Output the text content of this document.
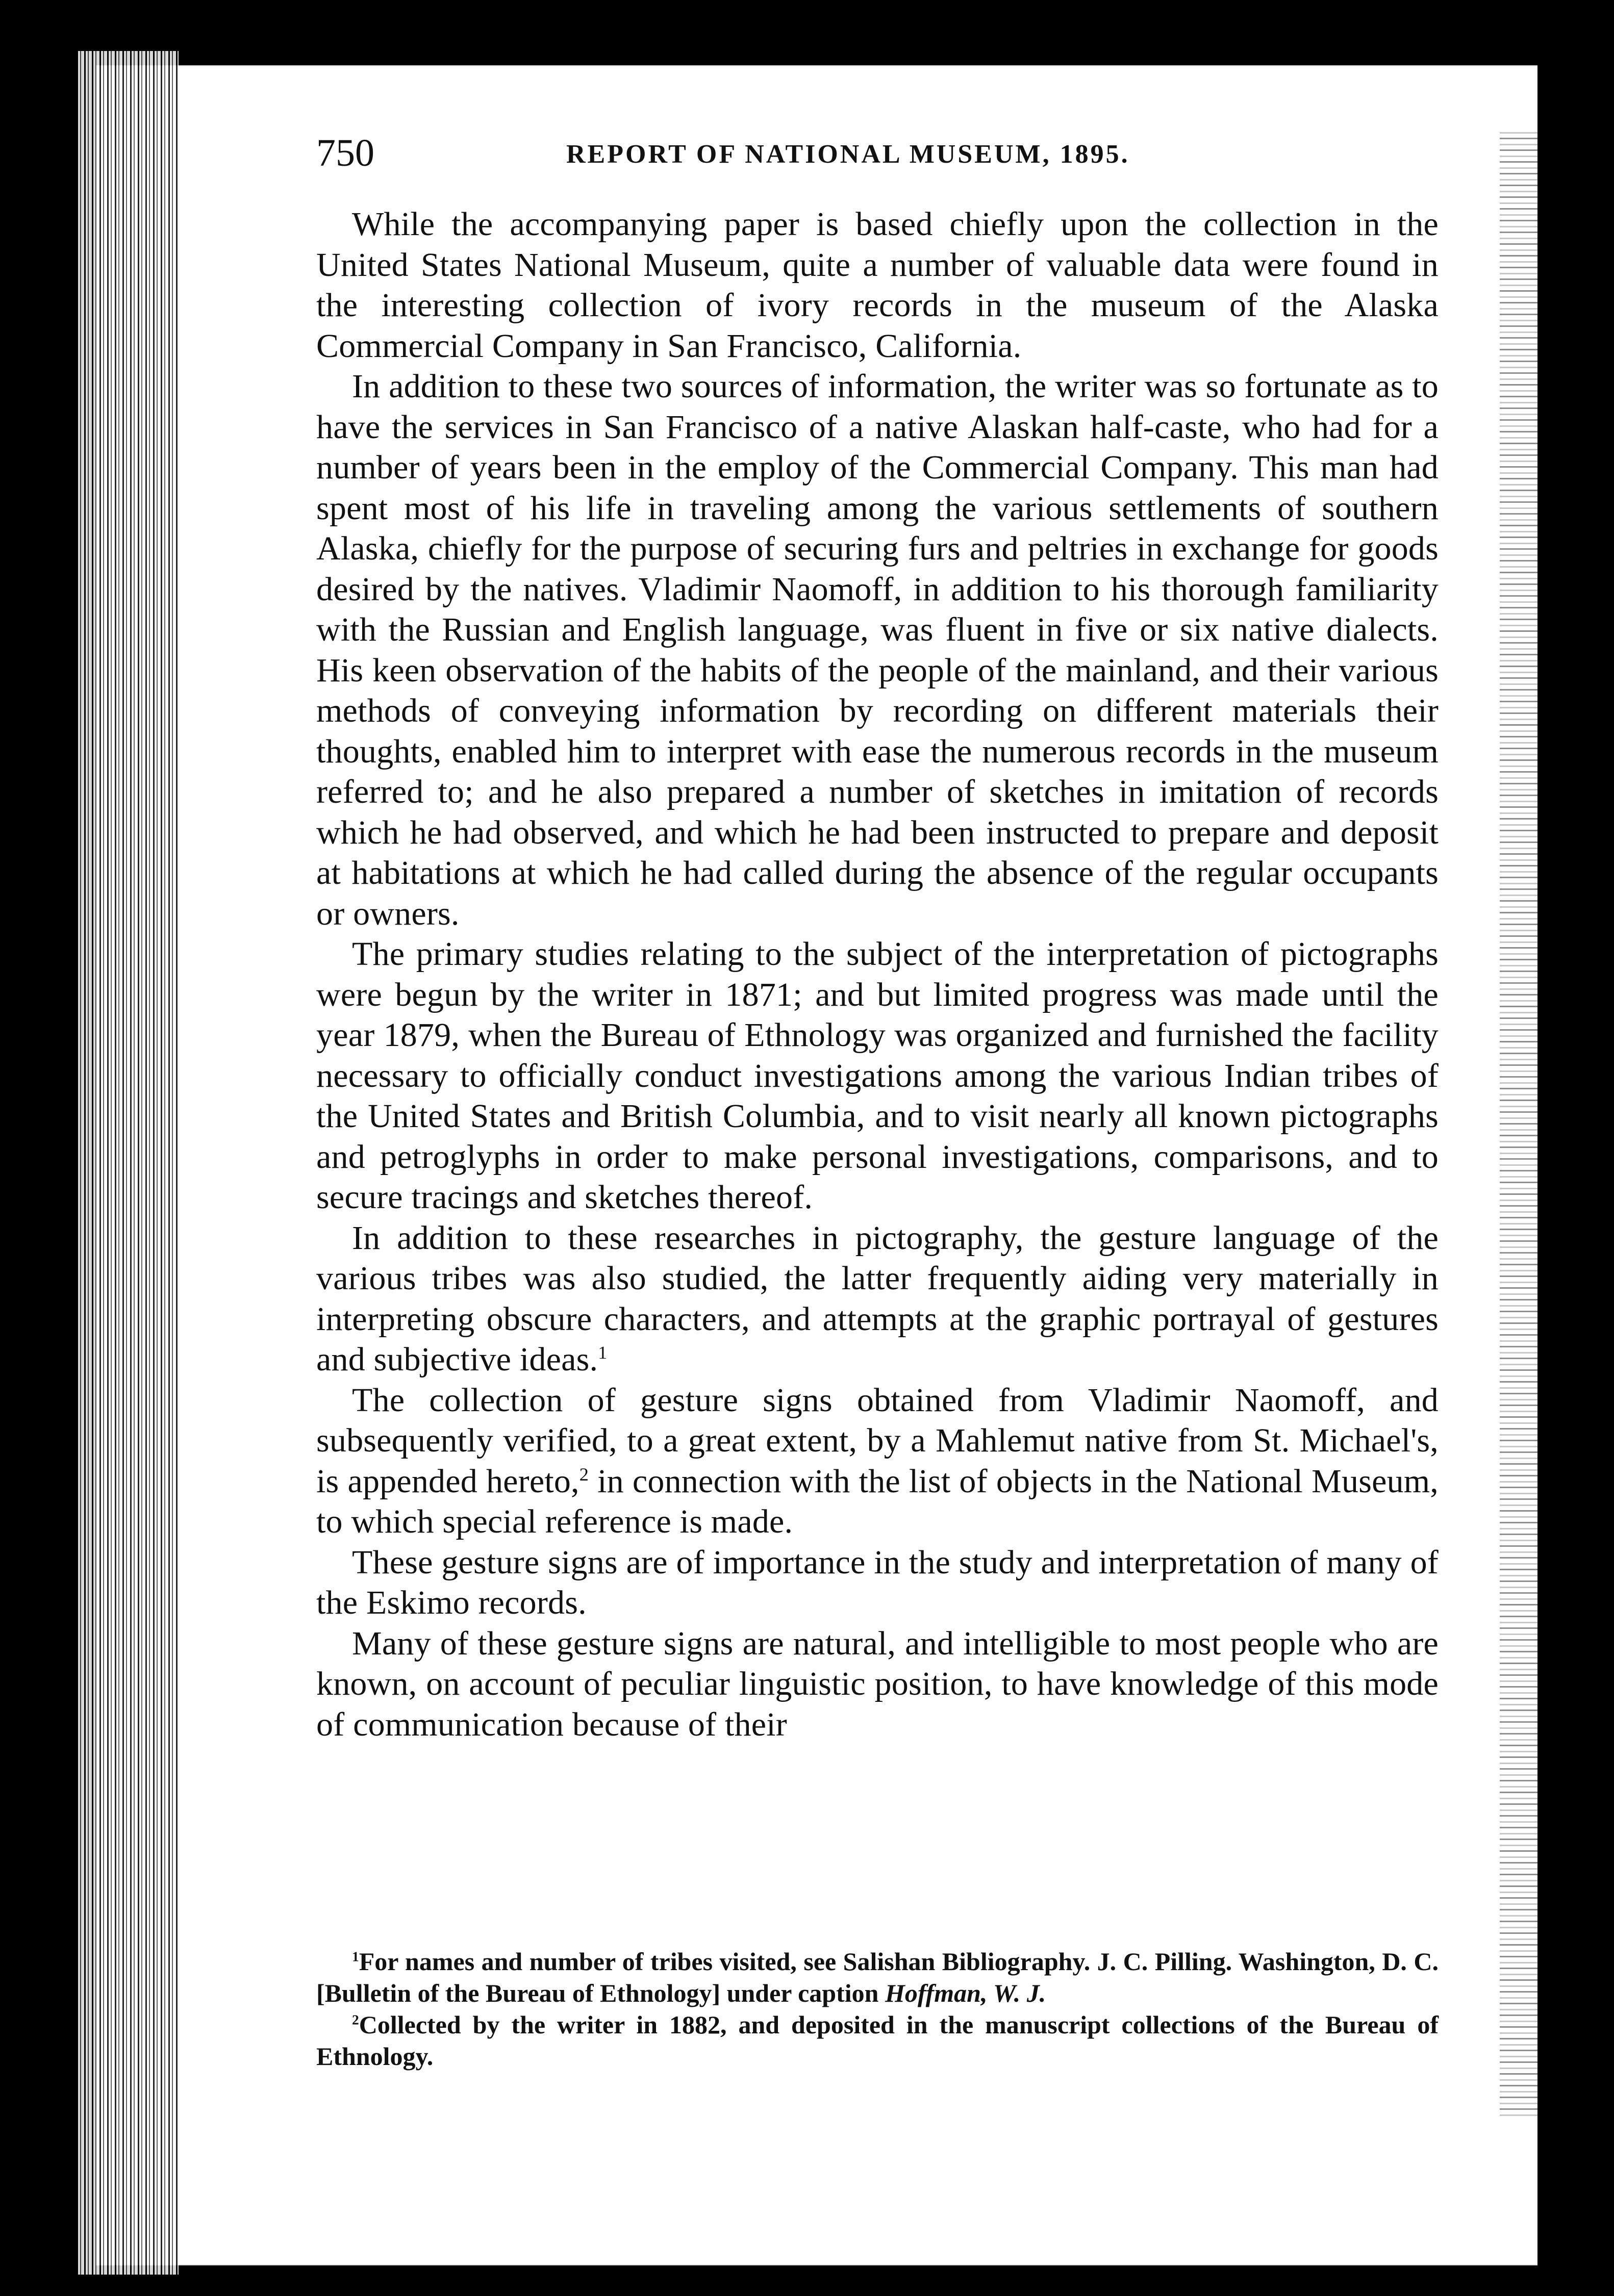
750	REPORT OF NATIONAL MUSEUM, 1895.

While the accompanying paper is based chiefly upon the collection in the United States National Museum, quite a number of valuable data were found in the interesting collection of ivory records in the museum of the Alaska Commercial Company in San Francisco, California.

In addition to these two sources of information, the writer was so fortunate as to have the services in San Francisco of a native Alaskan half-caste, who had for a number of years been in the employ of the Commercial Company. This man had spent most of his life in traveling among the various settlements of southern Alaska, chiefly for the purpose of securing furs and peltries in exchange for goods desired by the natives. Vladimir Naomoff, in addition to his thorough familiarity with the Russian and English language, was fluent in five or six native dialects. His keen observation of the habits of the people of the mainland, and their various methods of conveying information by recording on different materials their thoughts, enabled him to interpret with ease the numerous records in the museum referred to; and he also prepared a number of sketches in imitation of records which he had observed, and which he had been instructed to prepare and deposit at habitations at which he had called during the absence of the regular occupants or owners.

The primary studies relating to the subject of the interpretation of pictographs were begun by the writer in 1871; and but limited progress was made until the year 1879, when the Bureau of Ethnology was organized and furnished the facility necessary to officially conduct investigations among the various Indian tribes of the United States and British Columbia, and to visit nearly all known pictographs and petroglyphs in order to make personal investigations, comparisons, and to secure tracings and sketches thereof.

In addition to these researches in pictography, the gesture language of the various tribes was also studied, the latter frequently aiding very materially in interpreting obscure characters, and attempts at the graphic portrayal of gestures and subjective ideas.$^1$

The collection of gesture signs obtained from Vladimir Naomoff, and subsequently verified, to a great extent, by a Mahlemut native from St. Michael's, is appended hereto,$^2$ in connection with the list of objects in the National Museum, to which special reference is made.

These gesture signs are of importance in the study and interpretation of many of the Eskimo records.

Many of these gesture signs are natural, and intelligible to most people who are known, on account of peculiar linguistic position, to have knowledge of this mode of communication because of their

$^1$For names and number of tribes visited, see Salishan Bibliography. J. C. Pilling. Washington, D. C. [Bulletin of the Bureau of Ethnology] under caption Hoffman, W. J.

$^2$Collected by the writer in 1882, and deposited in the manuscript collections of the Bureau of Ethnology.
